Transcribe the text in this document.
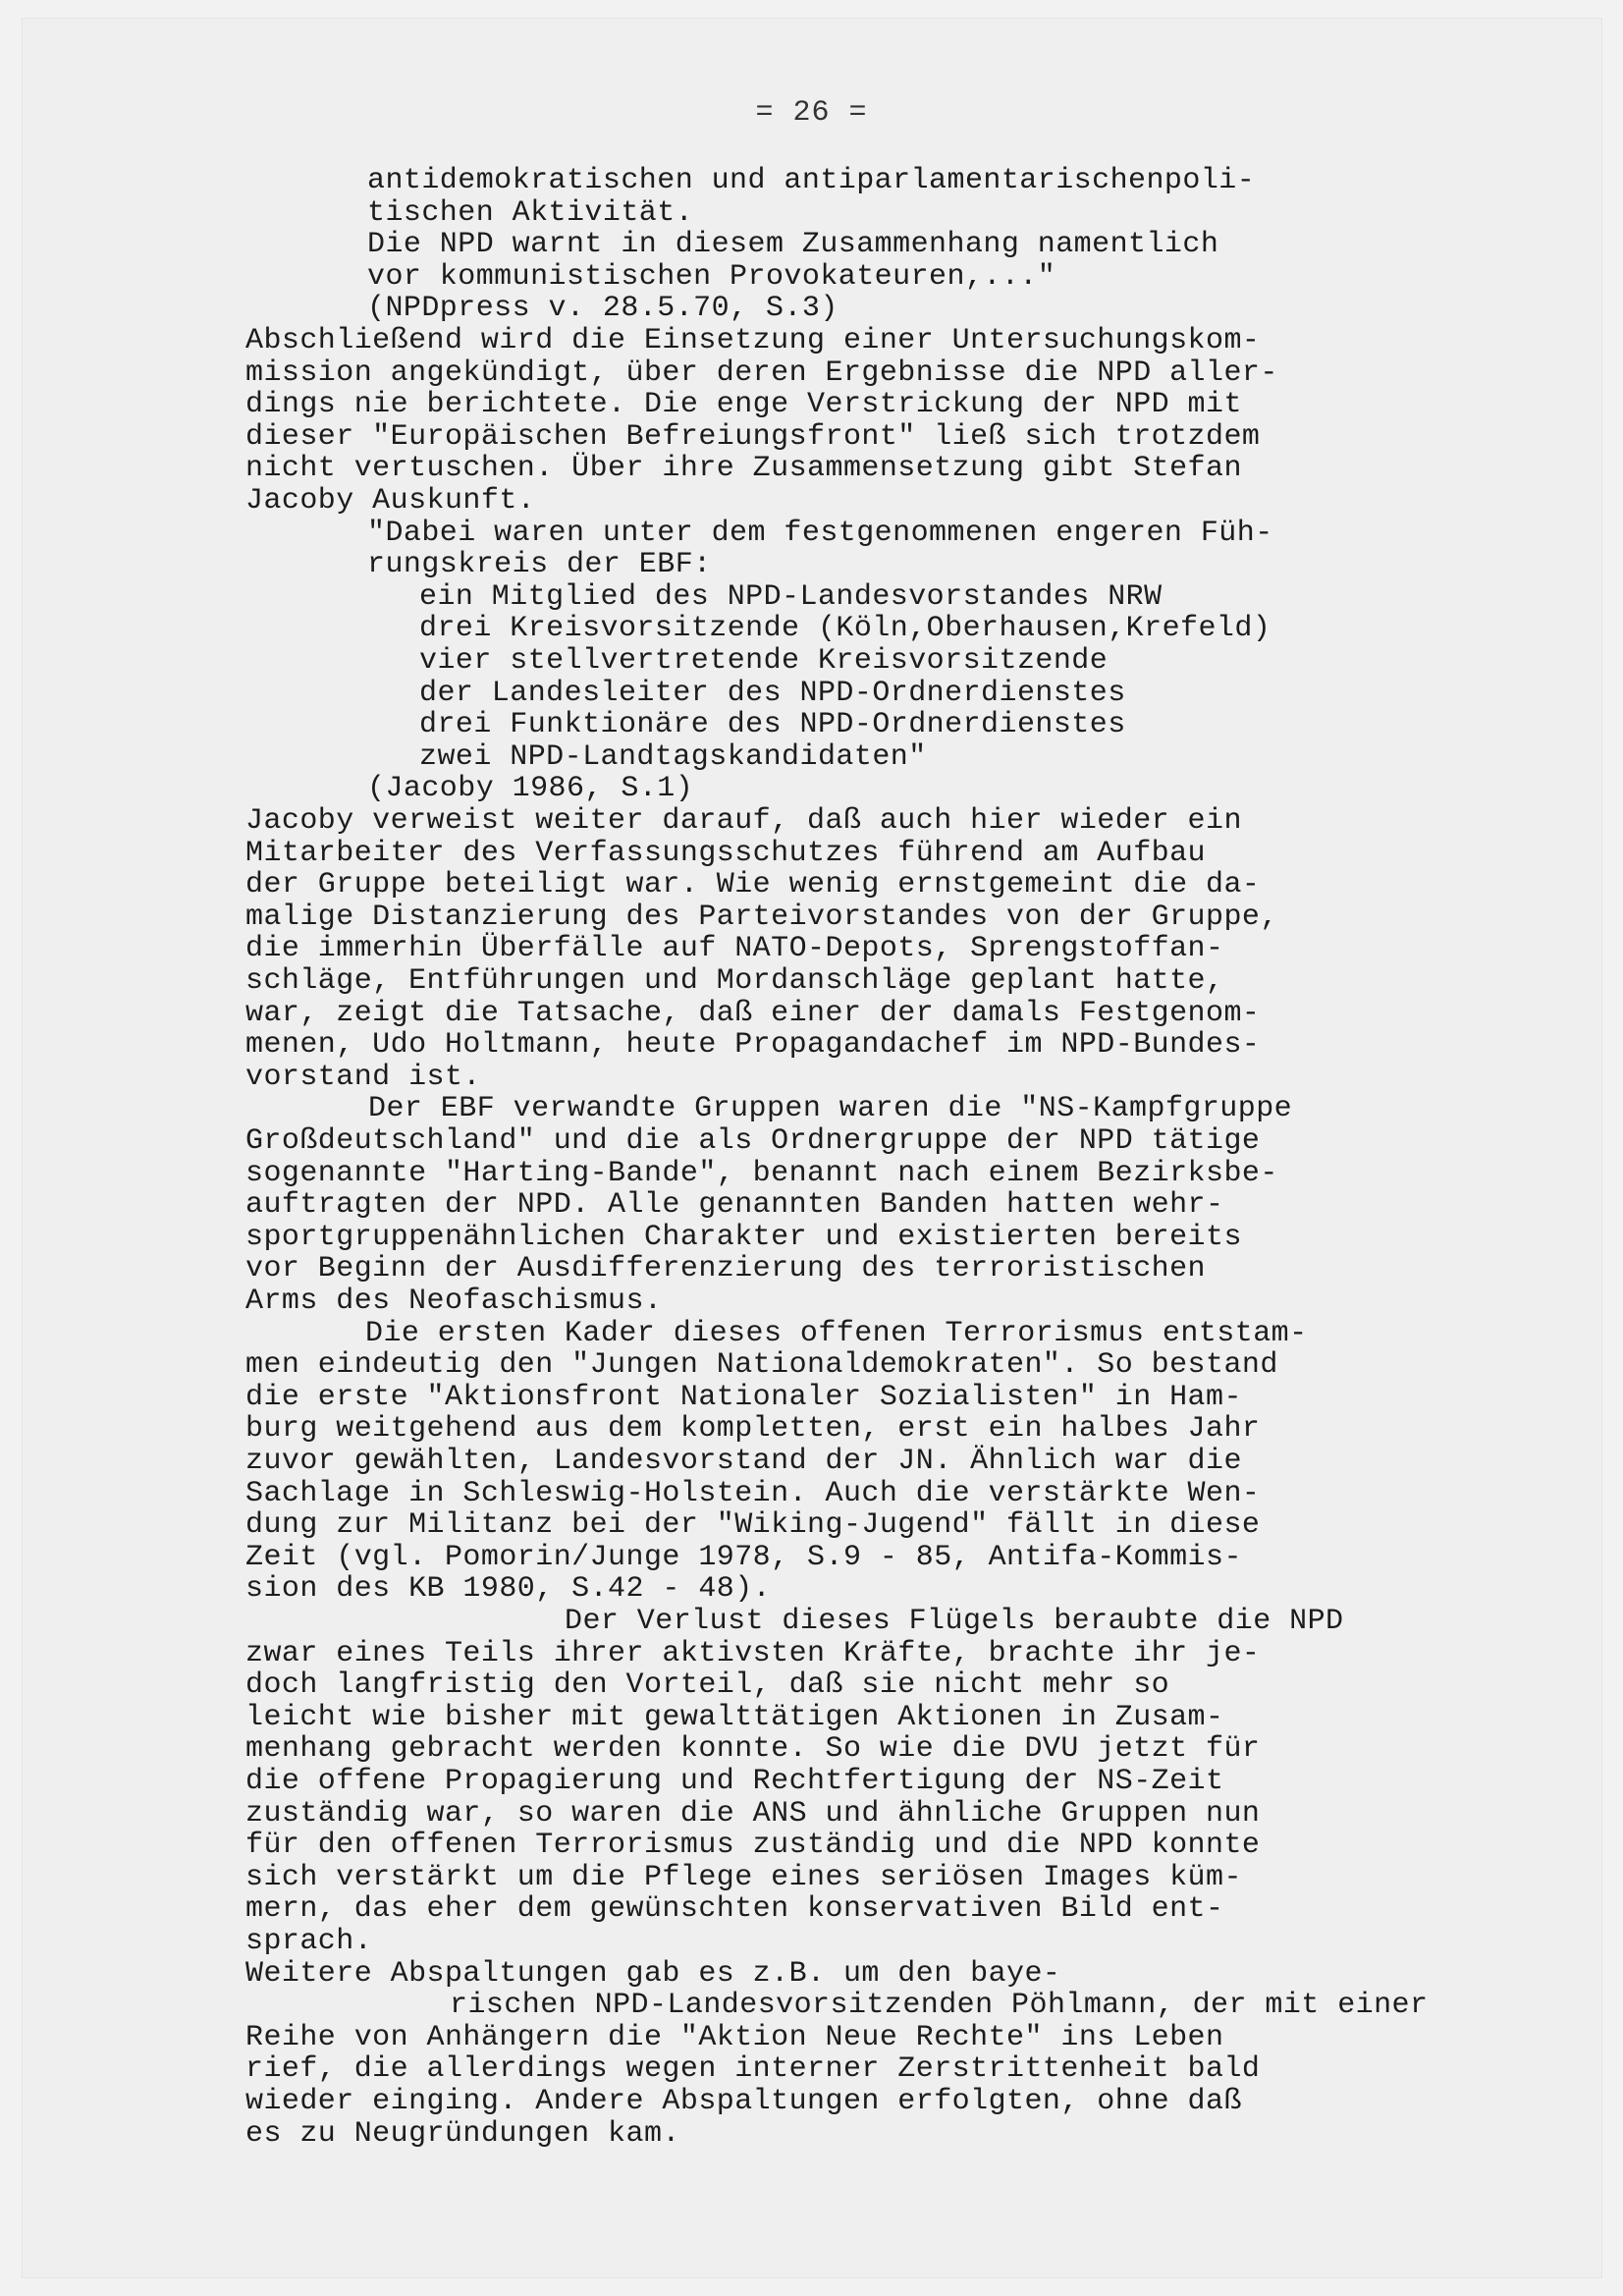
= 26 =
antidemokratischen und antiparlamentarischenpoli-
tischen Aktivität.
Die NPD warnt in diesem Zusammenhang namentlich
vor kommunistischen Provokateuren,..."
(NPDpress v. 28.5.70, S.3)
Abschließend wird die Einsetzung einer Untersuchungskom-
mission angekündigt, über deren Ergebnisse die NPD aller-
dings nie berichtete. Die enge Verstrickung der NPD mit
dieser "Europäischen Befreiungsfront" ließ sich trotzdem
nicht vertuschen. Über ihre Zusammensetzung gibt Stefan
Jacoby Auskunft.
"Dabei waren unter dem festgenommenen engeren Füh-
rungskreis der EBF:
ein Mitglied des NPD-Landesvorstandes NRW
drei Kreisvorsitzende (Köln,Oberhausen,Krefeld)
vier stellvertretende Kreisvorsitzende
der Landesleiter des NPD-Ordnerdienstes
drei Funktionäre des NPD-Ordnerdienstes
zwei NPD-Landtagskandidaten"
(Jacoby 1986, S.1)
Jacoby verweist weiter darauf, daß auch hier wieder ein
Mitarbeiter des Verfassungsschutzes führend am Aufbau
der Gruppe beteiligt war. Wie wenig ernstgemeint die da-
malige Distanzierung des Parteivorstandes von der Gruppe,
die immerhin Überfälle auf NATO-Depots, Sprengstoffan-
schläge, Entführungen und Mordanschläge geplant hatte,
war, zeigt die Tatsache, daß einer der damals Festgenom-
menen, Udo Holtmann, heute Propagandachef im NPD-Bundes-
vorstand ist.
Der EBF verwandte Gruppen waren die "NS-Kampfgruppe
Großdeutschland" und die als Ordnergruppe der NPD tätige
sogenannte "Harting-Bande", benannt nach einem Bezirksbe-
auftragten der NPD. Alle genannten Banden hatten wehr-
sportgruppenähnlichen Charakter und existierten bereits
vor Beginn der Ausdifferenzierung des terroristischen
Arms des Neofaschismus.
Die ersten Kader dieses offenen Terrorismus entstam-
men eindeutig den "Jungen Nationaldemokraten". So bestand
die erste "Aktionsfront Nationaler Sozialisten" in Ham-
burg weitgehend aus dem kompletten, erst ein halbes Jahr
zuvor gewählten, Landesvorstand der JN. Ähnlich war die
Sachlage in Schleswig-Holstein. Auch die verstärkte Wen-
dung zur Militanz bei der "Wiking-Jugend" fällt in diese
Zeit (vgl. Pomorin/Junge 1978, S.9 - 85, Antifa-Kommis-
sion des KB 1980, S.42 - 48).
Der Verlust dieses Flügels beraubte die NPD
zwar eines Teils ihrer aktivsten Kräfte, brachte ihr je-
doch langfristig den Vorteil, daß sie nicht mehr so
leicht wie bisher mit gewalttätigen Aktionen in Zusam-
menhang gebracht werden konnte. So wie die DVU jetzt für
die offene Propagierung und Rechtfertigung der NS-Zeit
zuständig war, so waren die ANS und ähnliche Gruppen nun
für den offenen Terrorismus zuständig und die NPD konnte
sich verstärkt um die Pflege eines seriösen Images küm-
mern, das eher dem gewünschten konservativen Bild ent-
sprach.
Weitere Abspaltungen gab es z.B. um den baye-
rischen NPD-Landesvorsitzenden Pöhlmann, der mit einer
Reihe von Anhängern die "Aktion Neue Rechte" ins Leben
rief, die allerdings wegen interner Zerstrittenheit bald
wieder einging. Andere Abspaltungen erfolgten, ohne daß
es zu Neugründungen kam.
